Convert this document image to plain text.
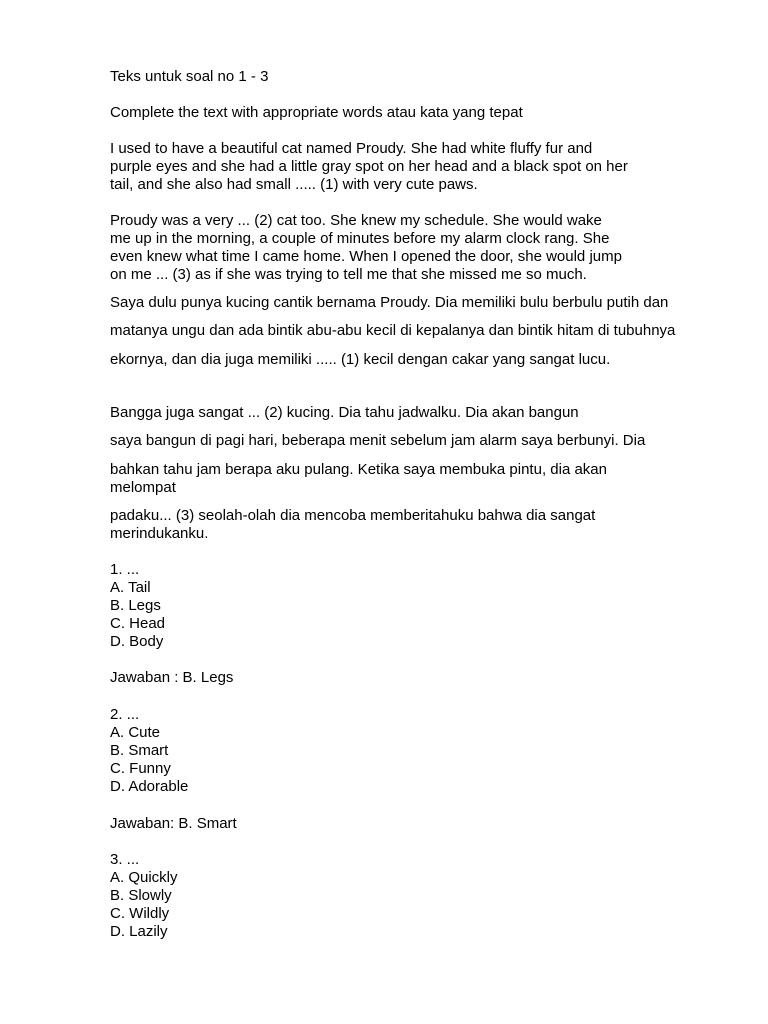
Teks untuk soal no 1 - 3

Complete the text with appropriate words atau kata yang tepat

I used to have a beautiful cat named Proudy. She had white fluffy fur and

purple eyes and she had a little gray spot on her head and a black spot on her

tail, and she also had small ..... (1) with very cute paws.

Proudy was a very ... (2) cat too. She knew my schedule. She would wake

me up in the morning, a couple of minutes before my alarm clock rang. She

even knew what time I came home. When I opened the door, she would jump

on me ... (3) as if she was trying to tell me that she missed me so much.

Saya dulu punya kucing cantik bernama Proudy. Dia memiliki bulu berbulu putih dan

matanya ungu dan ada bintik abu-abu kecil di kepalanya dan bintik hitam di tubuhnya

ekornya, dan dia juga memiliki ..... (1) kecil dengan cakar yang sangat lucu.

Bangga juga sangat ... (2) kucing. Dia tahu jadwalku. Dia akan bangun

saya bangun di pagi hari, beberapa menit sebelum jam alarm saya berbunyi. Dia

bahkan tahu jam berapa aku pulang. Ketika saya membuka pintu, dia akan

melompat

padaku... (3) seolah-olah dia mencoba memberitahuku bahwa dia sangat

merindukanku.

1. ...

A. Tail

B. Legs

C. Head

D. Body

Jawaban : B. Legs

2. ...

A. Cute

B. Smart

C. Funny

D. Adorable

Jawaban: B. Smart

3. ...

A. Quickly

B. Slowly

C. Wildly

D. Lazily
